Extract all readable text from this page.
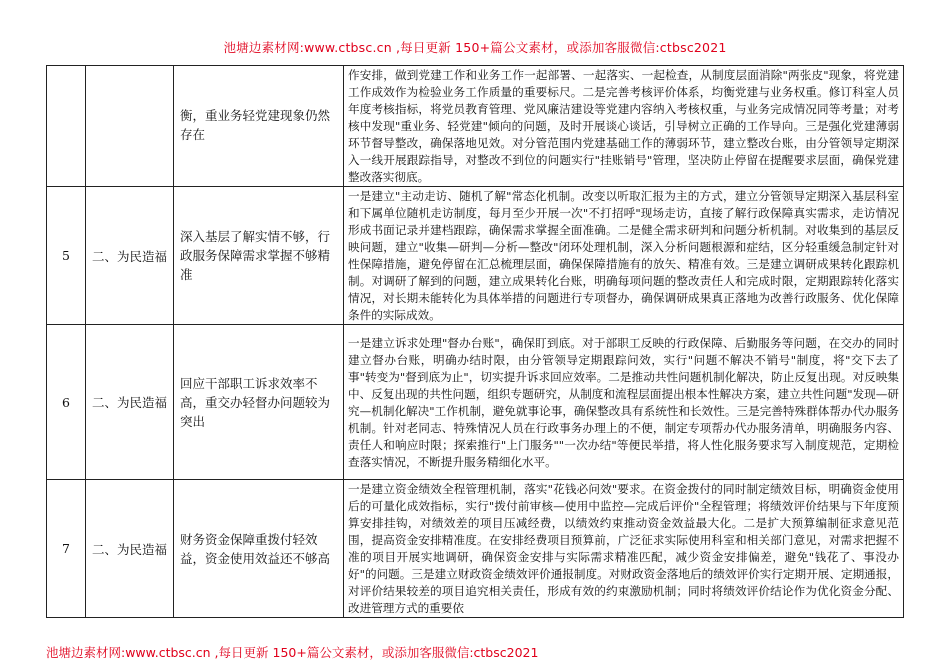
池塘边素材网:www.ctbsc.cn ,每日更新 150+篇公文素材，或添加客服微信:ctbsc2021
		衡，重业务轻党建现象仍然存在	作安排，做到党建工作和业务工作一起部署、一起落实、一起检查，从制度层面消除"两张皮"现象，将党建工作成效作为检验业务工作质量的重要标尺。二是完善考核评价体系，均衡党建与业务权重。修订科室人员年度考核指标，将党员教育管理、党风廉洁建设等党建内容纳入考核权重，与业务完成情况同等考量；对考核中发现"重业务、轻党建"倾向的问题，及时开展谈心谈话，引导树立正确的工作导向。三是强化党建薄弱环节督导整改，确保落地见效。对分管范围内党建基础工作的薄弱环节，建立整改台账，由分管领导定期深入一线开展跟踪指导，对整改不到位的问题实行"挂账销号"管理，坚决防止停留在提醒要求层面，确保党建整改落实彻底。
5	二、为民造福	深入基层了解实情不够，行政服务保障需求掌握不够精准	一是建立"主动走访、随机了解"常态化机制。改变以听取汇报为主的方式，建立分管领导定期深入基层科室和下属单位随机走访制度，每月至少开展一次"不打招呼"现场走访，直接了解行政保障真实需求，走访情况形成书面记录并建档跟踪，确保需求掌握全面准确。二是健全需求研判和问题分析机制。对收集到的基层反映问题，建立"收集—研判—分析—整改"闭环处理机制，深入分析问题根源和症结，区分轻重缓急制定针对性保障措施，避免停留在汇总梳理层面，确保保障措施有的放矢、精准有效。三是建立调研成果转化跟踪机制。对调研了解到的问题，建立成果转化台账，明确每项问题的整改责任人和完成时限，定期跟踪转化落实情况，对长期未能转化为具体举措的问题进行专项督办，确保调研成果真正落地为改善行政服务、优化保障条件的实际成效。
6	二、为民造福	回应干部职工诉求效率不高，重交办轻督办问题较为突出	一是建立诉求处理"督办台账"，确保盯到底。对于部职工反映的行政保障、后勤服务等问题，在交办的同时建立督办台账，明确办结时限，由分管领导定期跟踪问效，实行"问题不解决不销号"制度，将"交下去了事"转变为"督到底为止"，切实提升诉求回应效率。二是推动共性问题机制化解决，防止反复出现。对反映集中、反复出现的共性问题，组织专题研究，从制度和流程层面提出根本性解决方案，建立共性问题"发现—研究—机制化解决"工作机制，避免就事论事，确保整改具有系统性和长效性。三是完善特殊群体帮办代办服务机制。针对老同志、特殊情况人员在行政事务办理上的不便，制定专项帮办代办服务清单，明确服务内容、责任人和响应时限；探索推行"上门服务""一次办结"等便民举措，将人性化服务要求写入制度规范，定期检查落实情况，不断提升服务精细化水平。
7	二、为民造福	财务资金保障重拨付轻效益，资金使用效益还不够高	一是建立资金绩效全程管理机制，落实"花钱必问效"要求。在资金拨付的同时制定绩效目标，明确资金使用后的可量化成效指标，实行"拨付前审核—使用中监控—完成后评价"全程管理；将绩效评价结果与下年度预算安排挂钩，对绩效差的项目压减经费，以绩效约束推动资金效益最大化。二是扩大预算编制征求意见范围，提高资金安排精准度。在安排经费项目预算前，广泛征求实际使用科室和相关部门意见，对需求把握不准的项目开展实地调研，确保资金安排与实际需求精准匹配，减少资金安排偏差，避免"钱花了、事没办好"的问题。三是建立财政资金绩效评价通报制度。对财政资金落地后的绩效评价实行定期开展、定期通报，对评价结果较差的项目追究相关责任，形成有效的约束激励机制；同时将绩效评价结论作为优化资金分配、改进管理方式的重要依
池塘边素材网:www.ctbsc.cn ,每日更新 150+篇公文素材，或添加客服微信:ctbsc2021
